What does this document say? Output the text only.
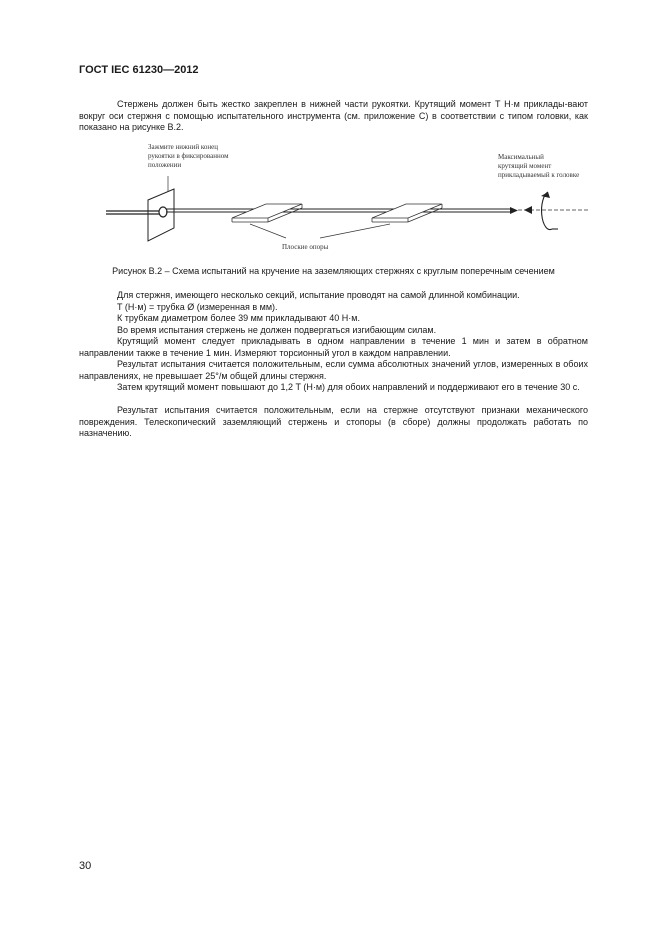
ГОСТ IEC 61230—2012

Стержень должен быть жестко закреплен в нижней части рукоятки. Крутящий момент T Н·м приклады-вают вокруг оси стержня с помощью испытательного инструмента (см. приложение С) в соответствии с типом головки, как показано на рисунке В.2.

Зажмите нижний конец
рукоятки в фиксированном
положении
Максимальный
крутящий момент
прикладываемый к головке
Плоские опоры
Рисунок В.2 – Схема испытаний на кручение на заземляющих стержнях с круглым поперечным сечением

Для стержня, имеющего несколько секций, испытание проводят на самой длинной комбинации.

T (Н·м) = трубка Ø (измеренная в мм).

К трубкам диаметром более 39 мм прикладывают 40 Н·м.

Во время испытания стержень не должен подвергаться изгибающим силам.

Крутящий момент следует прикладывать в одном направлении в течение 1 мин и затем в обратном направлении также в течение 1 мин. Измеряют торсионный угол в каждом направлении.

Результат испытания считается положительным, если сумма абсолютных значений углов, измеренных в обоих направлениях, не превышает 25°/м общей длины стержня.

Затем крутящий момент повышают до 1,2 T (Н·м) для обоих направлений и поддерживают его в течение 30 с.

Результат испытания считается положительным, если на стержне отсутствуют признаки механического повреждения. Телескопический заземляющий стержень и стопоры (в сборе) должны продолжать работать по назначению.

30
